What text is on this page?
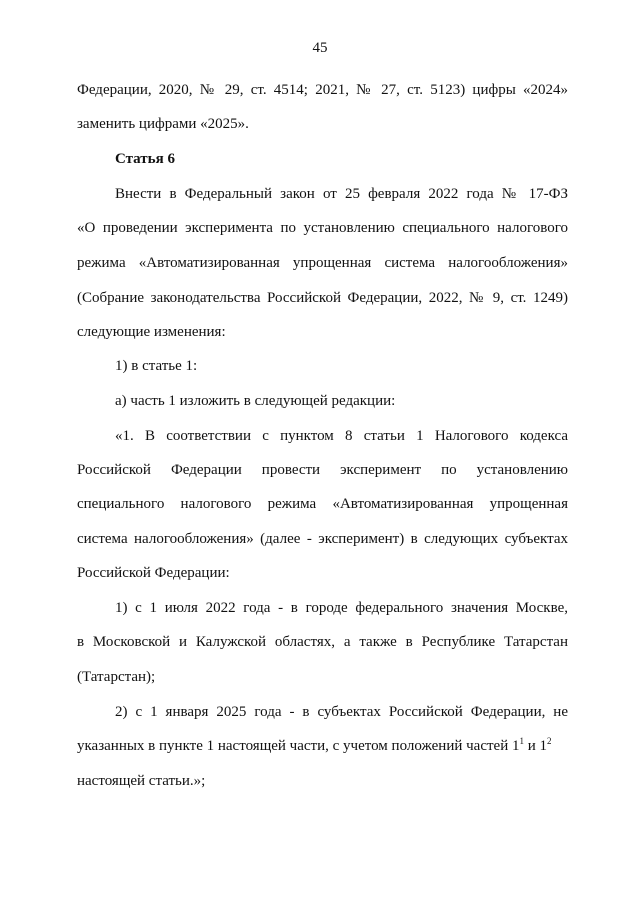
45
Федерации, 2020, № 29, ст. 4514; 2021, № 27, ст. 5123) цифры «2024»
заменить цифрами «2025».
Статья 6
Внести в Федеральный закон от 25 февраля 2022 года № 17-ФЗ
«О проведении эксперимента по установлению специального налогового
режима «Автоматизированная упрощенная система налогообложения»
(Собрание законодательства Российской Федерации, 2022, № 9, ст. 1249)
следующие изменения:
1) в статье 1:
а) часть 1 изложить в следующей редакции:
«1. В соответствии с пунктом 8 статьи 1 Налогового кодекса
Российской Федерации провести эксперимент по установлению
специального налогового режима «Автоматизированная упрощенная
система налогообложения» (далее - эксперимент) в следующих субъектах
Российской Федерации:
1) с 1 июля 2022 года - в городе федерального значения Москве,
в Московской и Калужской областях, а также в Республике Татарстан
(Татарстан);
2) с 1 января 2025 года - в субъектах Российской Федерации, не
указанных в пункте 1 настоящей части, с учетом положений частей $1^1$ и $1^2$
настоящей статьи.»;
